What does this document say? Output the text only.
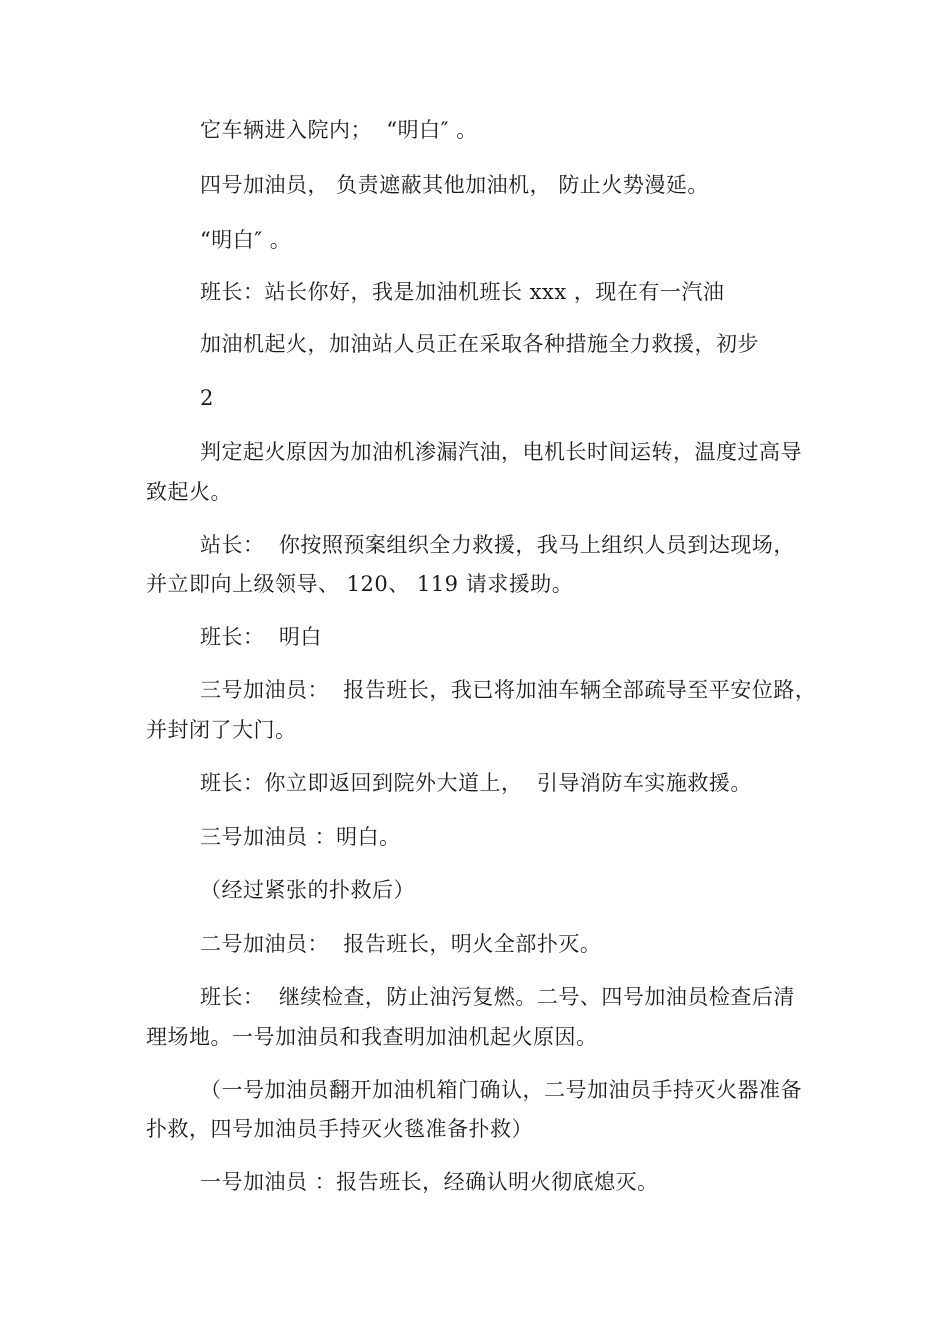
它车辆进入院内；  “明白″ 。
四号加油员， 负责遮蔽其他加油机， 防止火势漫延。
“明白″ 。
班长：站长你好，我是加油机班长 xxx ，现在有一汽油
加油机起火，加油站人员正在采取各种措施全力救援，初步
2
判定起火原因为加油机渗漏汽油，电机长时间运转，温度过高导
致起火。
站长：  你按照预案组织全力救援，我马上组织人员到达现场，
并立即向上级领导、 120、 119 请求援助。
班长：  明白
三号加油员：  报告班长，我已将加油车辆全部疏导至平安位路，
并封闭了大门。
班长：你立即返回到院外大道上，  引导消防车实施救援。
三号加油员 ：明白。
（经过紧张的扑救后）
二号加油员：  报告班长，明火全部扑灭。
班长：  继续检查，防止油污复燃。二号、四号加油员检查后清
理场地。一号加油员和我查明加油机起火原因。
（一号加油员翻开加油机箱门确认，二号加油员手持灭火器准备
扑救，四号加油员手持灭火毯准备扑救）
一号加油员 ：报告班长，经确认明火彻底熄灭。
